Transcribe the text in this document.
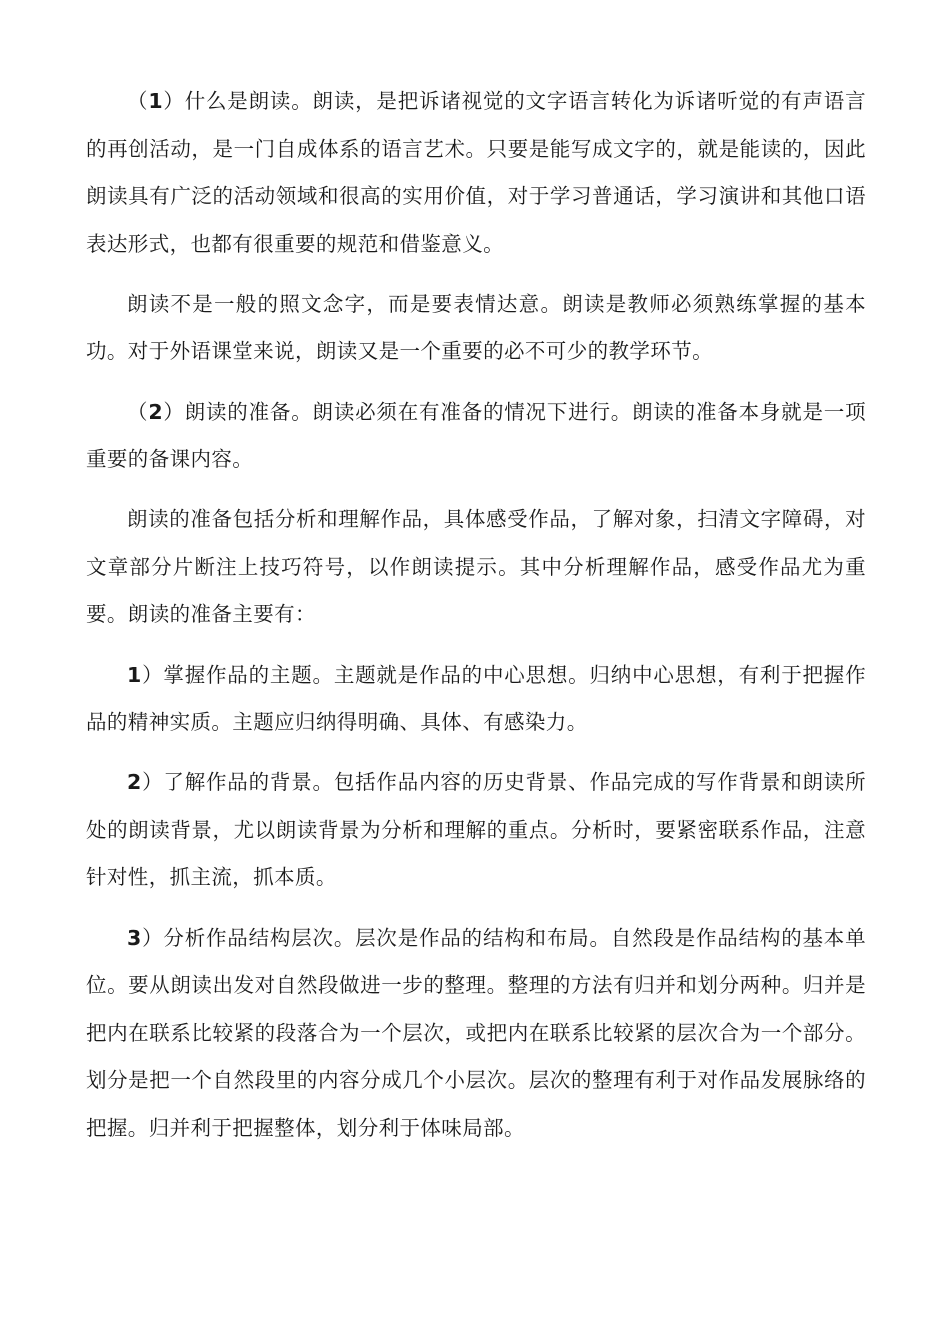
（1）什么是朗读。朗读，是把诉诸视觉的文字语言转化为诉诸听觉的有声语言的再创活动，是一门自成体系的语言艺术。只要是能写成文字的，就是能读的，因此朗读具有广泛的活动领域和很高的实用价值，对于学习普通话，学习演讲和其他口语表达形式，也都有很重要的规范和借鉴意义。

朗读不是一般的照文念字，而是要表情达意。朗读是教师必须熟练掌握的基本功。对于外语课堂来说，朗读又是一个重要的必不可少的教学环节。

（2）朗读的准备。朗读必须在有准备的情况下进行。朗读的准备本身就是一项重要的备课内容。

朗读的准备包括分析和理解作品，具体感受作品，了解对象，扫清文字障碍，对文章部分片断注上技巧符号，以作朗读提示。其中分析理解作品，感受作品尤为重要。朗读的准备主要有：

1）掌握作品的主题。主题就是作品的中心思想。归纳中心思想，有利于把握作品的精神实质。主题应归纳得明确、具体、有感染力。

2）了解作品的背景。包括作品内容的历史背景、作品完成的写作背景和朗读所处的朗读背景，尤以朗读背景为分析和理解的重点。分析时，要紧密联系作品，注意针对性，抓主流，抓本质。

3）分析作品结构层次。层次是作品的结构和布局。自然段是作品结构的基本单位。要从朗读出发对自然段做进一步的整理。整理的方法有归并和划分两种。归并是把内在联系比较紧的段落合为一个层次，或把内在联系比较紧的层次合为一个部分。划分是把一个自然段里的内容分成几个小层次。层次的整理有利于对作品发展脉络的把握。归并利于把握整体，划分利于体味局部。
